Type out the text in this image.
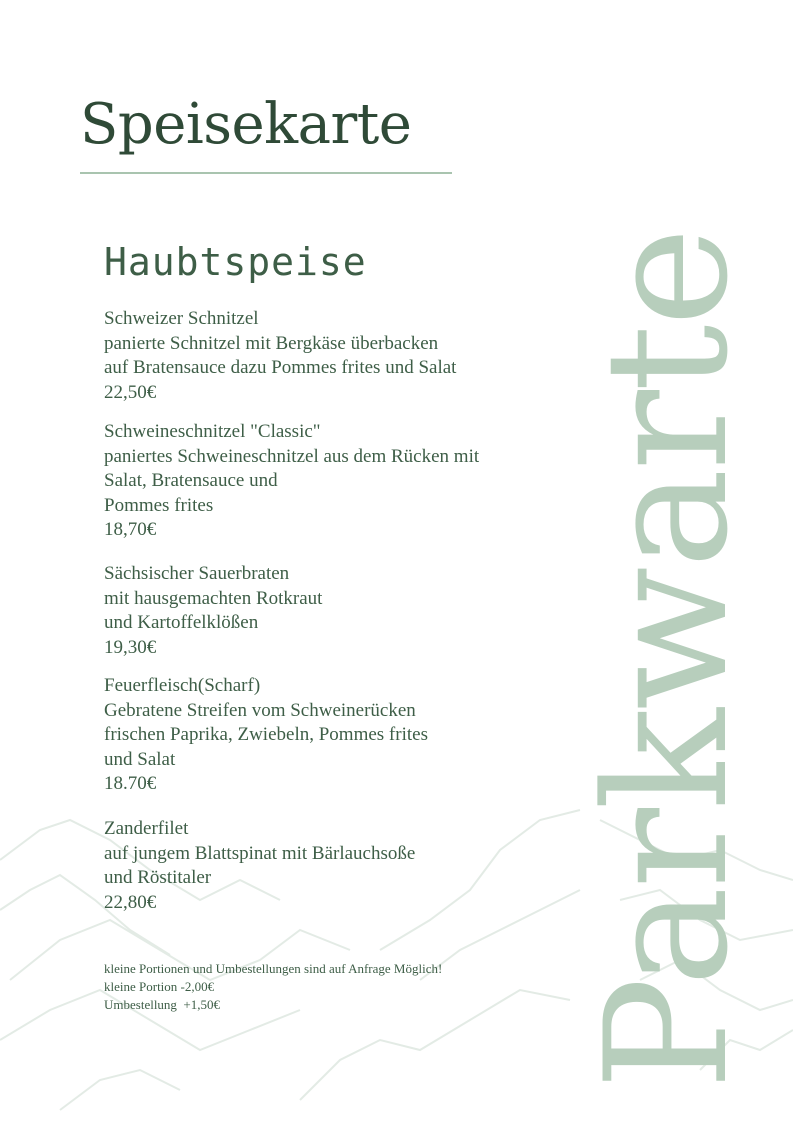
Parkwarte
Speisekarte
Haubtspeise
Schweizer Schnitzel
panierte Schnitzel mit Bergkäse überbacken
auf Bratensauce dazu Pommes frites und Salat
22,50€
Schweineschnitzel "Classic"
paniertes Schweineschnitzel aus dem Rücken mit
Salat, Bratensauce und
Pommes frites
18,70€
Sächsischer Sauerbraten
mit hausgemachten Rotkraut
und Kartoffelklößen
19,30€
Feuerfleisch(Scharf)
Gebratene Streifen vom Schweinerücken
frischen Paprika, Zwiebeln, Pommes frites
und Salat
18.70€
Zanderfilet
auf jungem Blattspinat mit Bärlauchsoße
und Röstitaler
22,80€
kleine Portionen und Umbestellungen sind auf Anfrage Möglich!
kleine Portion -2,00€
Umbestellung  +1,50€
